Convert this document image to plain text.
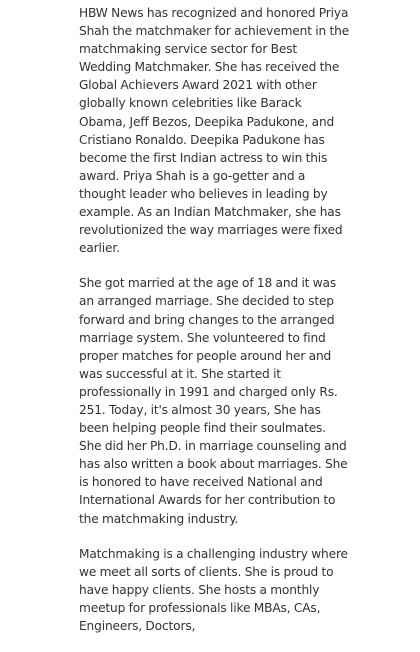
HBW News has recognized and honored Priya Shah the matchmaker for achievement in the matchmaking service sector for Best Wedding Matchmaker. She has received the Global Achievers Award 2021 with other globally known celebrities like Barack Obama, Jeff Bezos, Deepika Padukone, and Cristiano Ronaldo. Deepika Padukone has become the first Indian actress to win this award. Priya Shah is a go-getter and a thought leader who believes in leading by example. As an Indian Matchmaker, she has revolutionized the way marriages were fixed earlier.

She got married at the age of 18 and it was an arranged marriage. She decided to step forward and bring changes to the arranged marriage system. She volunteered to find proper matches for people around her and was successful at it. She started it professionally in 1991 and charged only Rs. 251. Today, it's almost 30 years, She has been helping people find their soulmates. She did her Ph.D. in marriage counseling and has also written a book about marriages. She is honored to have received National and International Awards for her contribution to the matchmaking industry.

Matchmaking is a challenging industry where we meet all sorts of clients. She is proud to have happy clients. She hosts a monthly meetup for professionals like MBAs, CAs, Engineers, Doctors,
